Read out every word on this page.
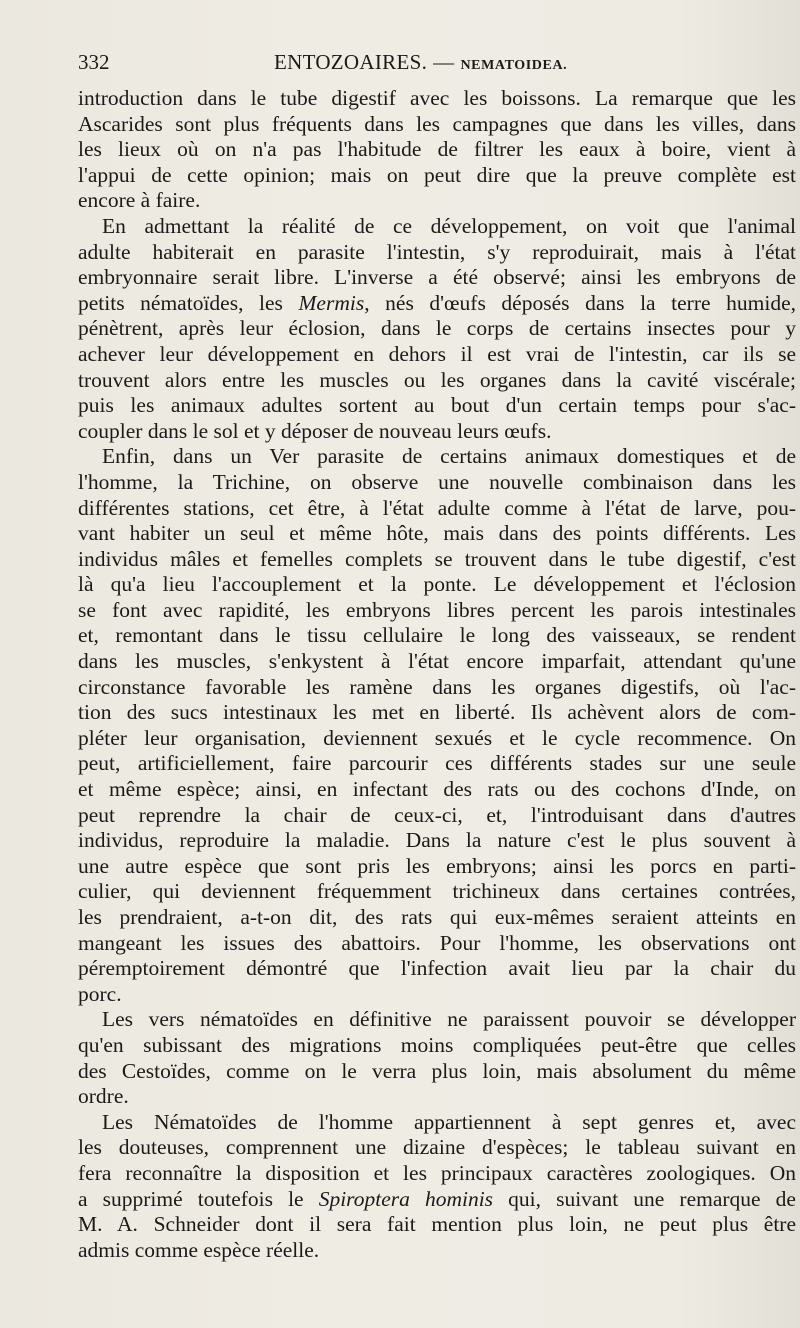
332	ENTOZOAIRES. — NEMATOIDEA.
introduction dans le tube digestif avec les boissons. La remarque que les
Ascarides sont plus fréquents dans les campagnes que dans les villes, dans
les lieux où on n'a pas l'habitude de filtrer les eaux à boire, vient à
l'appui de cette opinion; mais on peut dire que la preuve complète est
encore à faire.
En admettant la réalité de ce développement, on voit que l'animal
adulte habiterait en parasite l'intestin, s'y reproduirait, mais à l'état
embryonnaire serait libre. L'inverse a été observé; ainsi les embryons de
petits nématoïdes, les Mermis, nés d'œufs déposés dans la terre humide,
pénètrent, après leur éclosion, dans le corps de certains insectes pour y
achever leur développement en dehors il est vrai de l'intestin, car ils se
trouvent alors entre les muscles ou les organes dans la cavité viscérale;
puis les animaux adultes sortent au bout d'un certain temps pour s'ac-
coupler dans le sol et y déposer de nouveau leurs œufs.
Enfin, dans un Ver parasite de certains animaux domestiques et de
l'homme, la Trichine, on observe une nouvelle combinaison dans les
différentes stations, cet être, à l'état adulte comme à l'état de larve, pou-
vant habiter un seul et même hôte, mais dans des points différents. Les
individus mâles et femelles complets se trouvent dans le tube digestif, c'est
là qu'a lieu l'accouplement et la ponte. Le développement et l'éclosion
se font avec rapidité, les embryons libres percent les parois intestinales
et, remontant dans le tissu cellulaire le long des vaisseaux, se rendent
dans les muscles, s'enkystent à l'état encore imparfait, attendant qu'une
circonstance favorable les ramène dans les organes digestifs, où l'ac-
tion des sucs intestinaux les met en liberté. Ils achèvent alors de com-
pléter leur organisation, deviennent sexués et le cycle recommence. On
peut, artificiellement, faire parcourir ces différents stades sur une seule
et même espèce; ainsi, en infectant des rats ou des cochons d'Inde, on
peut reprendre la chair de ceux-ci, et, l'introduisant dans d'autres
individus, reproduire la maladie. Dans la nature c'est le plus souvent à
une autre espèce que sont pris les embryons; ainsi les porcs en parti-
culier, qui deviennent fréquemment trichineux dans certaines contrées,
les prendraient, a-t-on dit, des rats qui eux-mêmes seraient atteints en
mangeant les issues des abattoirs. Pour l'homme, les observations ont
péremptoirement démontré que l'infection avait lieu par la chair du
porc.
Les vers nématoïdes en définitive ne paraissent pouvoir se développer
qu'en subissant des migrations moins compliquées peut-être que celles
des Cestoïdes, comme on le verra plus loin, mais absolument du même
ordre.
Les Nématoïdes de l'homme appartiennent à sept genres et, avec
les douteuses, comprennent une dizaine d'espèces; le tableau suivant en
fera reconnaître la disposition et les principaux caractères zoologiques. On
a supprimé toutefois le Spiroptera hominis qui, suivant une remarque de
M. A. Schneider dont il sera fait mention plus loin, ne peut plus être
admis comme espèce réelle.
